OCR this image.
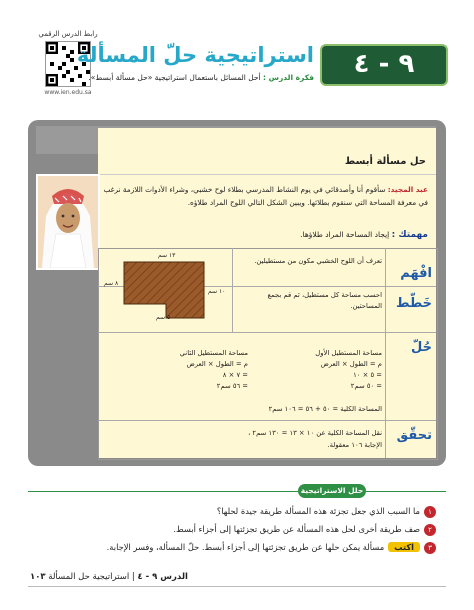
رابط الدرس الرقمي
www.ien.edu.sa
٩ - ٤
استراتيجية حلّ المسألة
فكرة الدرس : أحل المسائل باستعمال استراتيجية «حل مسألة أبسط».
حل مسألة أبسط
عبد المجيد: سأقوم أنا وأصدقائي في يوم النشاط المدرسي بطلاء لوح خشبي، وشراء الأدوات اللازمة نرغب في معرفة المساحة التي سنقوم بطلائها. ويبين الشكل التالي اللوح المراد طلاؤه.
مهمتك : إيجاد المساحة المراد طلاؤها.
افْهَم
خَطّط
حُلّ
تحقّق
تعرف أن اللوح الخشبي مكون من مستطيلين.
احسب مساحة كل مستطيل، ثم قم بجمع المساحتين.
١٣ سم
٨ سم
١٠ سم
٥ سم
مساحة المستطيل الأول
م = الطول × العرض
= ٥ × ١٠
= ٥٠ سم٢
مساحة المستطيل الثاني
م = الطول × العرض
= ٧ × ٨
= ٥٦ سم٢
المساحة الكلية = ٥٠ + ٥٦ = ١٠٦ سم٢
نقل المساحة الكلية عن ١٠ × ١٣ = ١٣٠ سم٢ ،
الإجابة ١٠٦ معقولة.
حلل الاستراتيجية
١ما السبب الذي جعل تجزئة هذه المسألة طريقة جيدة لحلها؟
٢صف طريقة أخرى لحل هذه المسألة عن طريق تجزئتها إلى أجزاء أبسط.
٣اكتبمسألة يمكن حلها عن طريق تجزئتها إلى أجزاء أبسط. حلّ المسألة، وفسر الإجابة.
الدرس ٩ - ٤ | استراتيجية حل المسألة ١٠٣
